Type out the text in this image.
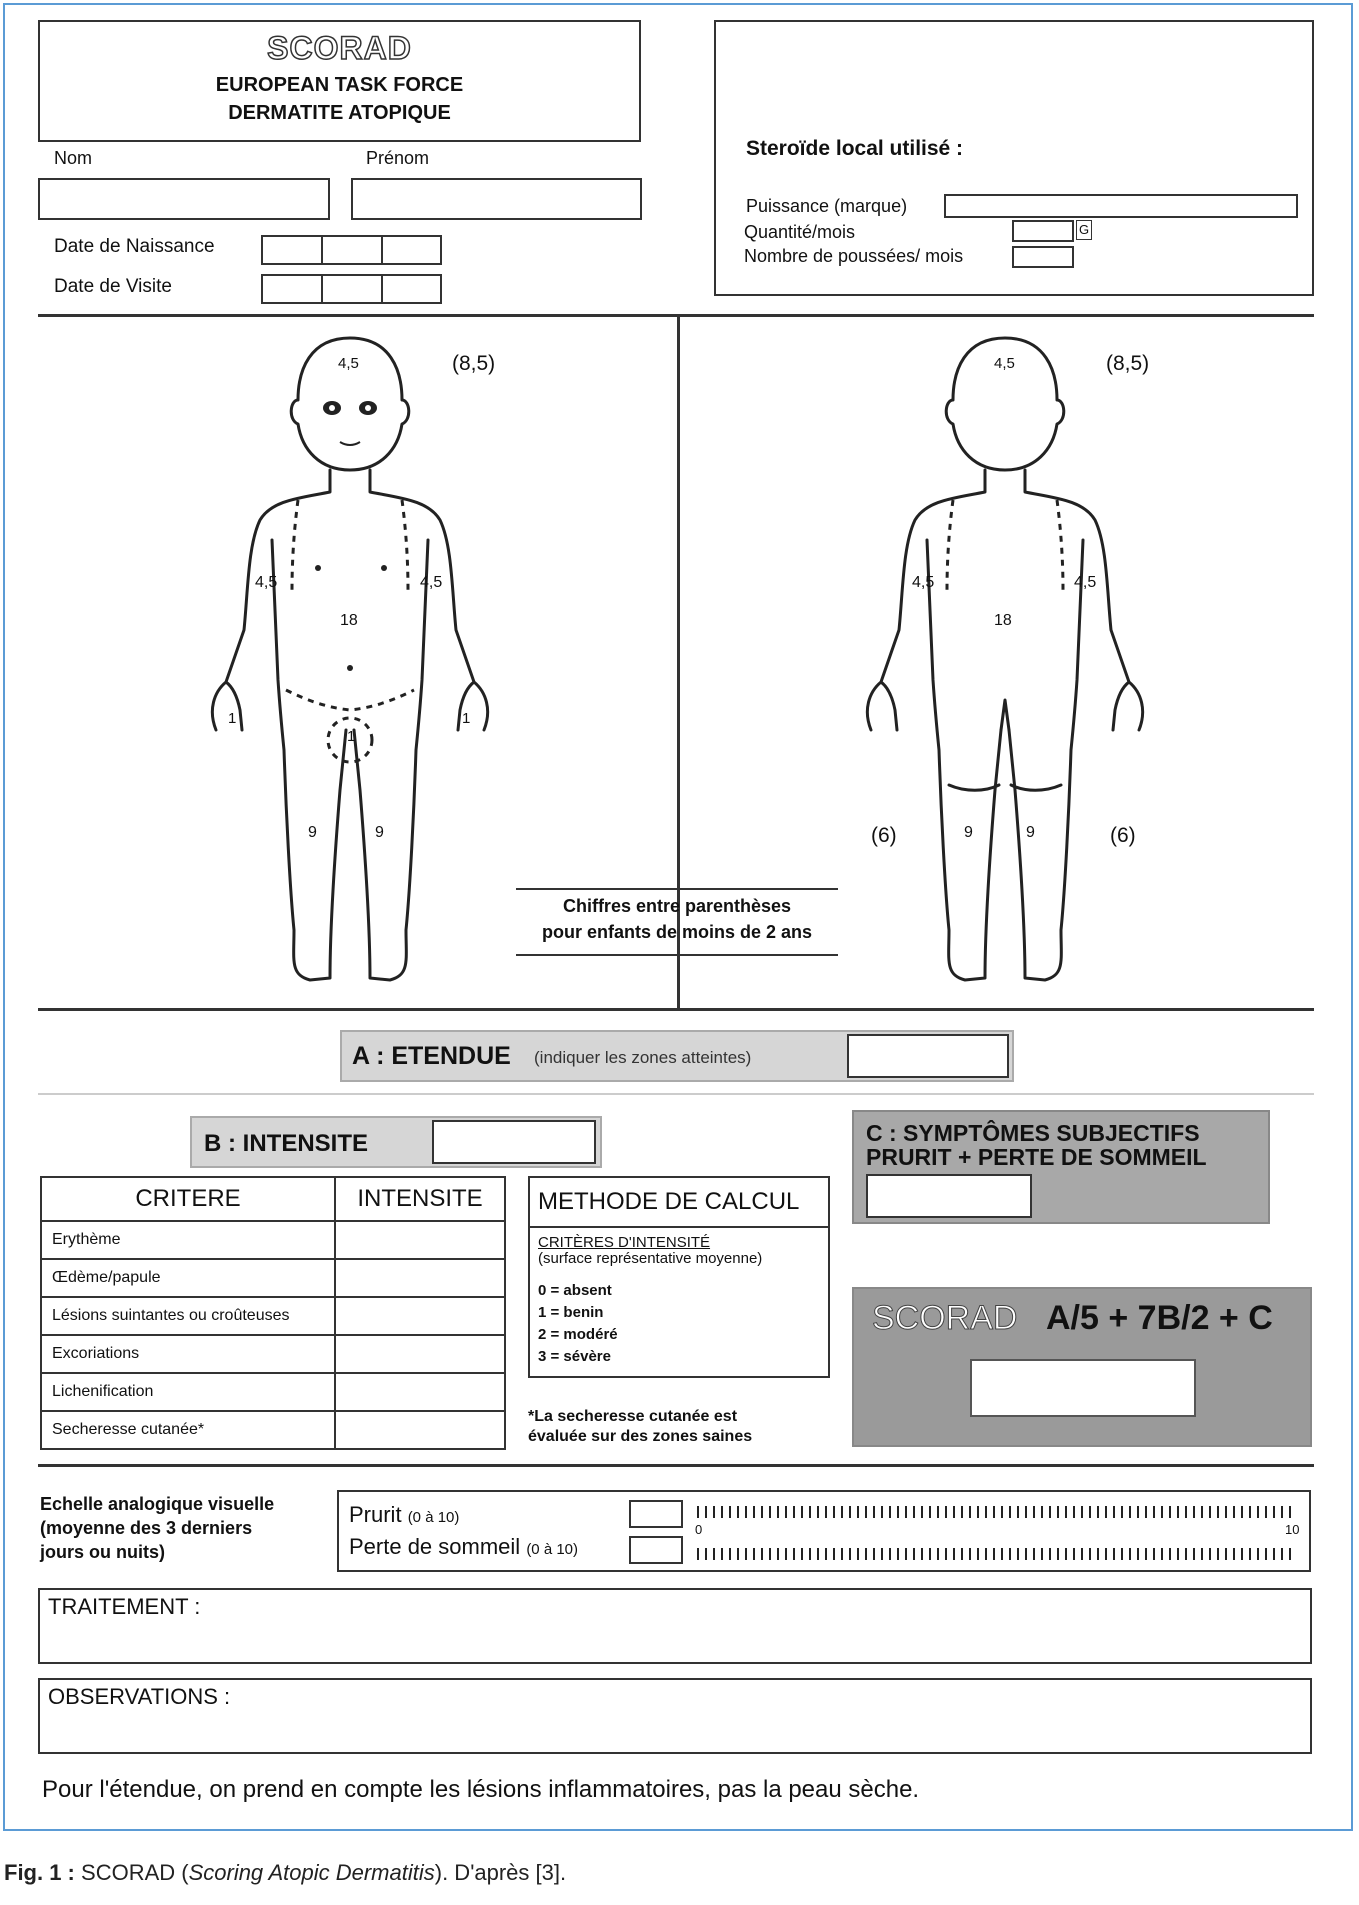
SCORAD
EUROPEAN TASK FORCE
DERMATITE ATOPIQUE
Nom	Prénom
Date de Naissance
Date de Visite
Steroïde local utilisé :
Puissance (marque)
Quantité/mois	G
Nombre de poussées/ mois
4,5	(8,5)
4,5	4,5
18
1	1
1
9	9
4,5	(8,5)
4,5	4,5
18
(6)	9	9	(6)
Chiffres entre parenthèses
pour enfants de moins de 2 ans
A : ETENDUE (indiquer les zones atteintes)
B : INTENSITE
CRITERE	INTENSITE
Erythème	
Œdème/papule	
Lésions suintantes ou croûteuses	
Excoriations	
Lichenification	
Secheresse cutanée*	
METHODE DE CALCUL
CRITÈRES D'INTENSITÉ
(surface représentative moyenne)
0 = absent
1 = benin
2 = modéré
3 = sévère
*La secheresse cutanée est
évaluée sur des zones saines
C : SYMPTÔMES SUBJECTIFS
PRURIT + PERTE DE SOMMEIL
SCORAD A/5 + 7B/2 + C
Echelle analogique visuelle
(moyenne des 3 derniers
jours ou nuits)
Prurit (0 à 10)
Perte de sommeil (0 à 10)
0	10
TRAITEMENT :
OBSERVATIONS :
Pour l'étendue, on prend en compte les lésions inflammatoires, pas la peau sèche.
Fig. 1 : SCORAD (Scoring Atopic Dermatitis). D'après [3].
